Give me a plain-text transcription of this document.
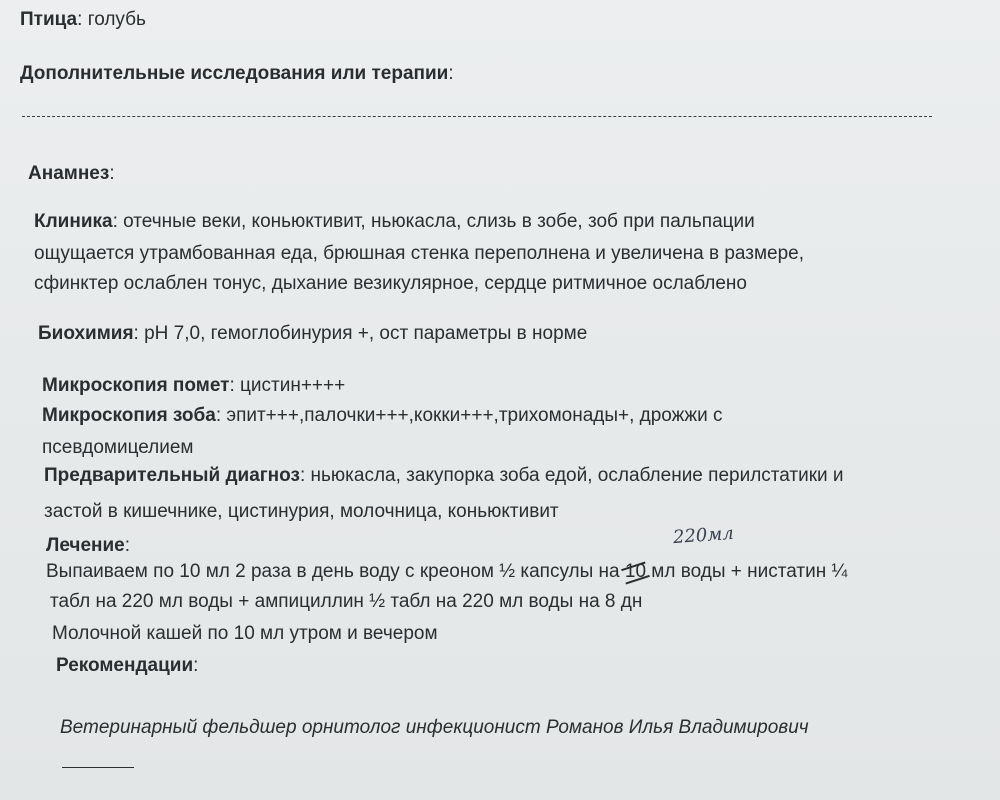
Птица: голубь
Дополнительные исследования или терапии:
Анамнез:
Клиника: отечные веки, коньюктивит, ньюкасла, слизь в зобе, зоб при пальпации
ощущается утрамбованная еда, брюшная стенка переполнена и увеличена в размере,
сфинктер ослаблен тонус, дыхание везикулярное, сердце ритмичное ослаблено
Биохимия: рН 7,0, гемоглобинурия +, ост параметры в норме
Микроскопия помет: цистин++++
Микроскопия зоба: эпит+++,палочки+++,кокки+++,трихомонады+, дрожжи с
псевдомицелием
Предварительный диагноз: ньюкасла, закупорка зоба едой, ослабление перилстатики и
застой в кишечнике, цистинурия, молочница, коньюктивит
Лечение:	220мл
Выпаиваем по 10 мл 2 раза в день воду с креоном ½ капсулы на 10
мл воды + нистатин ¼
табл на 220 мл воды + ампициллин ½ табл на 220 мл воды на 8 дн
Молочной кашей по 10 мл утром и вечером
Рекомендации:
Ветеринарный фельдшер орнитолог инфекционист Романов Илья Владимирович
